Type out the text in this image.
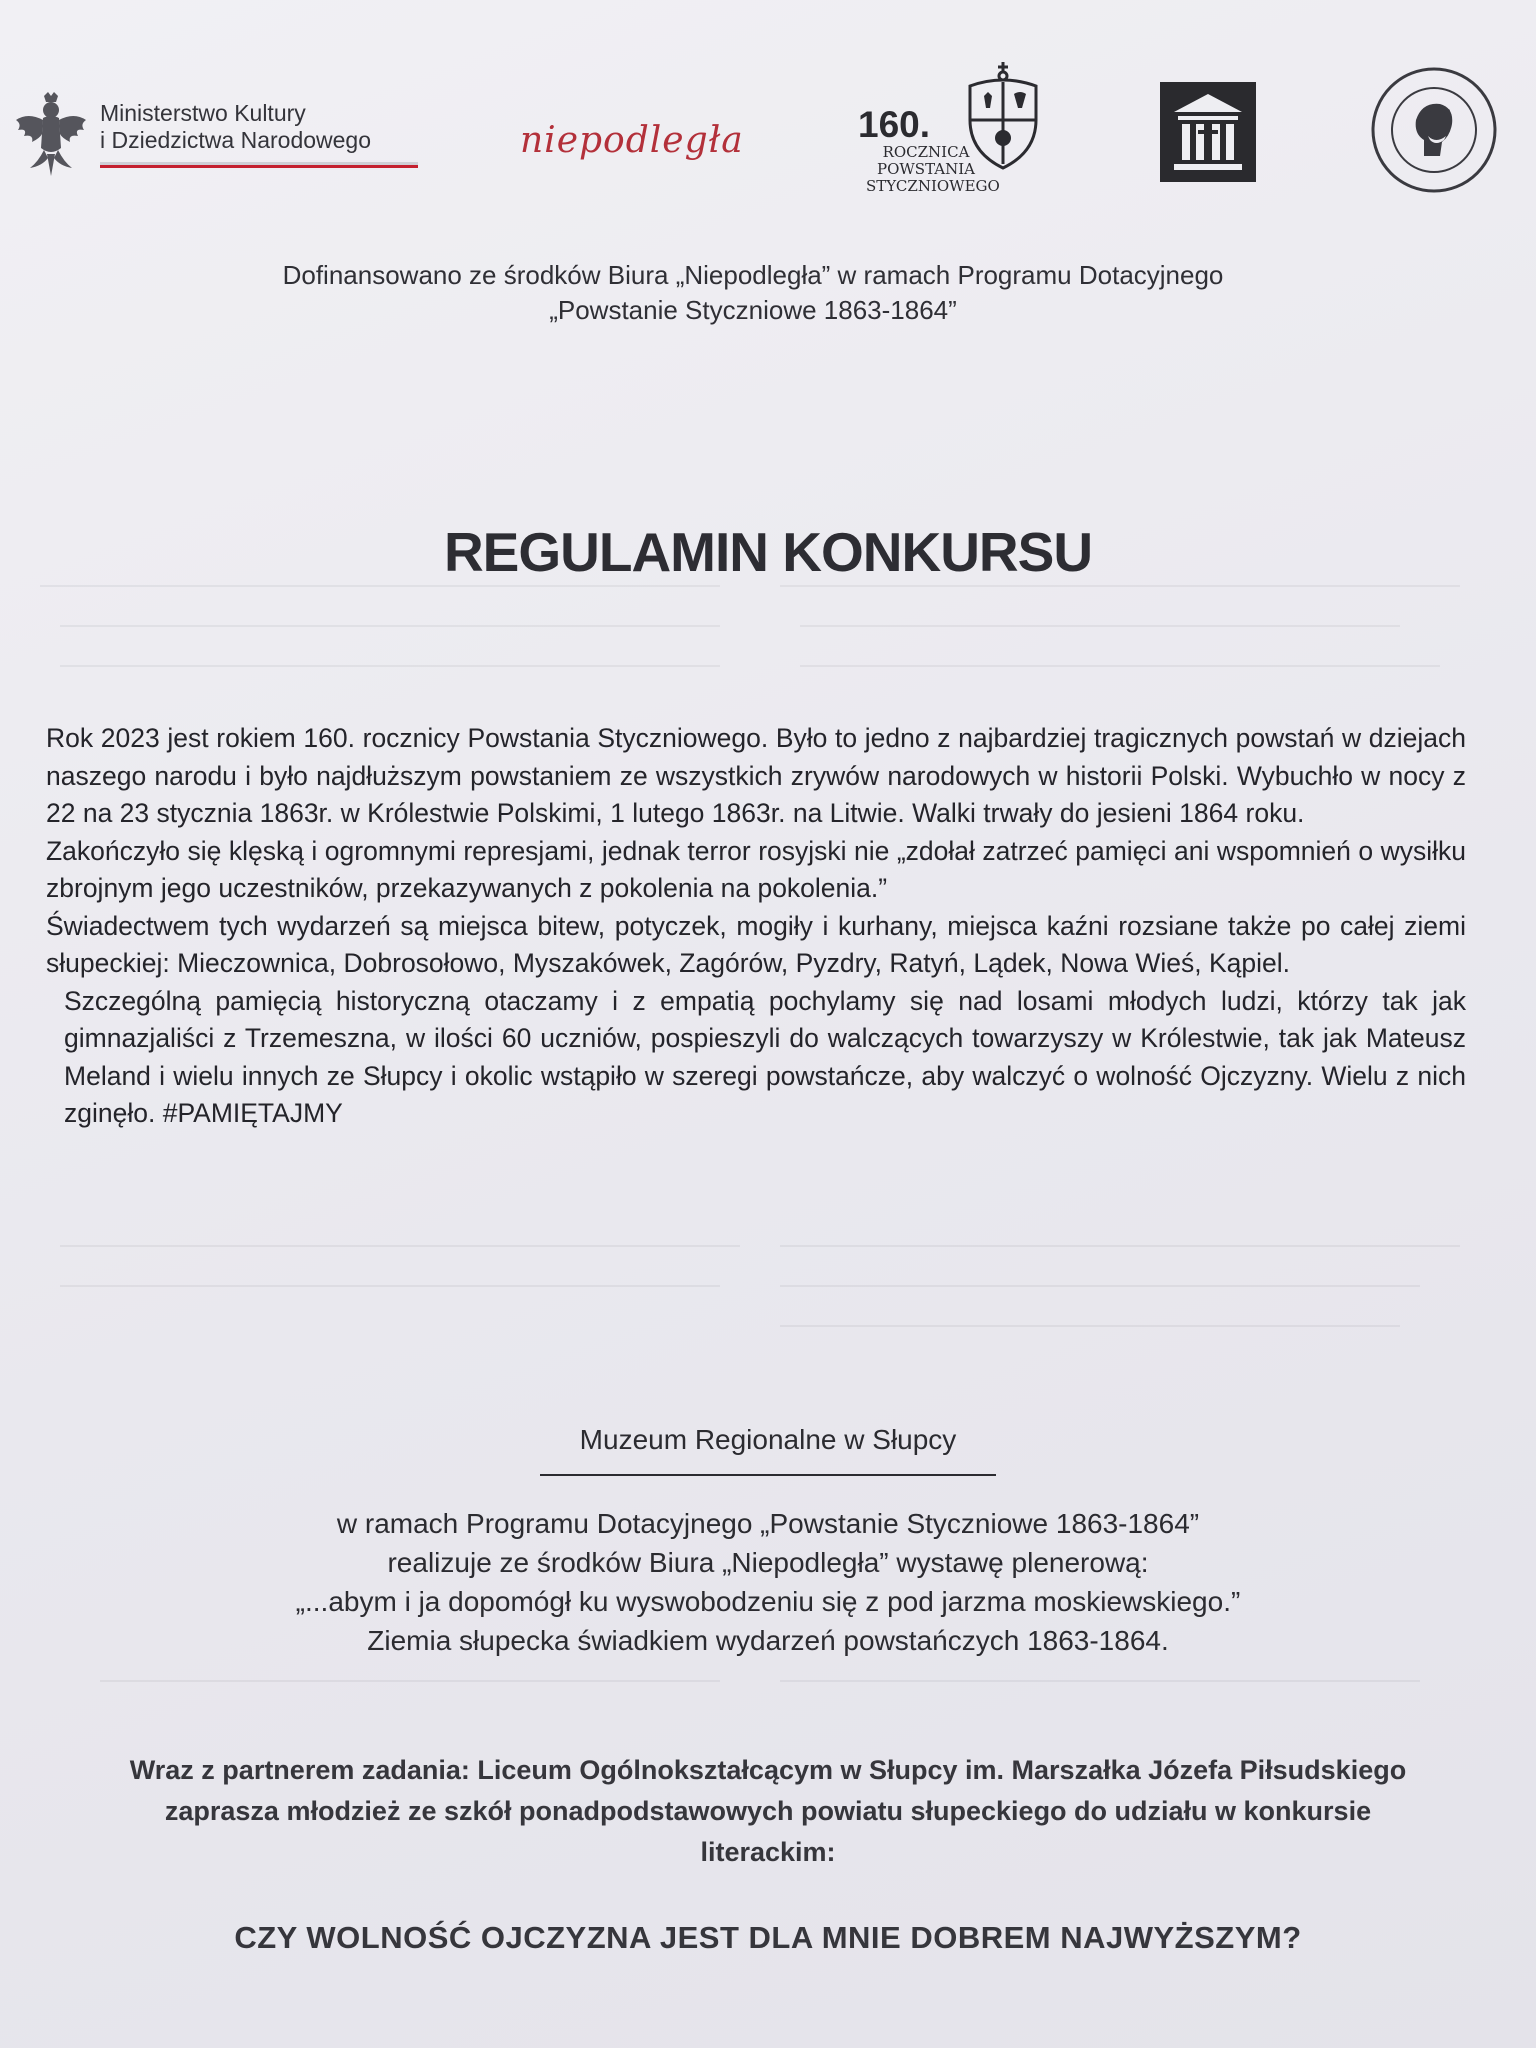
Ministerstwo Kultury
i Dziedzictwa Narodowego	niepodległa	160.
ROCZNICA
POWSTANIA
STYCZNIOWEGO
Dofinansowano ze środków Biura „Niepodległa” w ramach Programu Dotacyjnego
„Powstanie Styczniowe 1863-1864”
REGULAMIN KONKURSU

Rok 2023 jest rokiem 160. rocznicy Powstania Styczniowego. Było to jedno z najbardziej tragicznych powstań w dziejach naszego narodu i było najdłuższym powstaniem ze wszystkich zrywów narodowych w historii Polski. Wybuchło w nocy z 22 na 23 stycznia 1863r. w Królestwie Polskimi, 1 lutego 1863r. na Litwie. Walki trwały do jesieni 1864 roku.

Zakończyło się klęską i ogromnymi represjami, jednak terror rosyjski nie „zdołał zatrzeć pamięci ani wspomnień o wysiłku zbrojnym jego uczestników, przekazywanych z pokolenia na pokolenia.”

Świadectwem tych wydarzeń są miejsca bitew, potyczek, mogiły i kurhany, miejsca kaźni rozsiane także po całej ziemi słupeckiej: Mieczownica, Dobrosołowo, Myszakówek, Zagórów, Pyzdry, Ratyń, Lądek, Nowa Wieś, Kąpiel.

Szczególną pamięcią historyczną otaczamy i z empatią pochylamy się nad losami młodych ludzi, którzy tak jak gimnazjaliści z Trzemeszna, w ilości 60 uczniów, pospieszyli do walczących towarzyszy w Królestwie, tak jak Mateusz Meland i wielu innych ze Słupcy i okolic wstąpiło w szeregi powstańcze, aby walczyć o wolność Ojczyzny. Wielu z nich zginęło. #PAMIĘTAJMY

Muzeum Regionalne w Słupcy
w ramach Programu Dotacyjnego „Powstanie Styczniowe 1863-1864”
realizuje ze środków Biura „Niepodległa” wystawę plenerową:
„...abym i ja dopomógł ku wyswobodzeniu się z pod jarzma moskiewskiego.”
Ziemia słupecka świadkiem wydarzeń powstańczych 1863-1864.
Wraz z partnerem zadania: Liceum Ogólnokształcącym w Słupcy im. Marszałka Józefa Piłsudskiego zaprasza młodzież ze szkół ponadpodstawowych powiatu słupeckiego do udziału w konkursie literackim:
CZY WOLNOŚĆ OJCZYZNA JEST DLA MNIE DOBREM NAJWYŻSZYM?
